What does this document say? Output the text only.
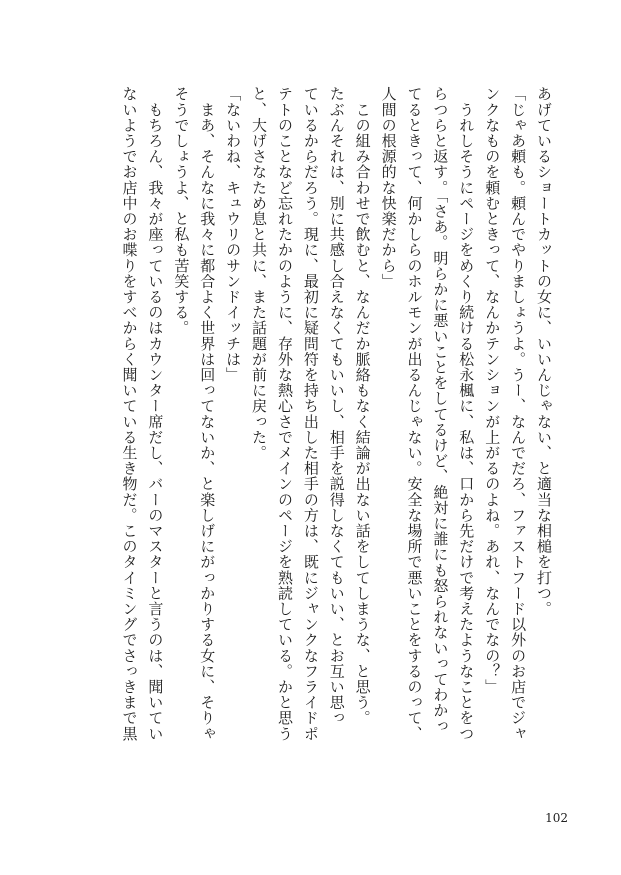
あげているショートカットの女に、いいんじゃない、と適当な相槌を打つ。
「じゃあ頼も。頼んでやりましょうよ。うー、なんでだろ、ファストフード以外のお店でジャ
ンクなものを頼むときって、なんかテンションが上がるのよね。あれ、なんでなの？」
　うれしそうにページをめくり続ける松永楓に、私は、口から先だけで考えたようなことをつ
らつらと返す。「さあ。明らかに悪いことをしてるけど、絶対に誰にも怒られないってわかっ
てるときって、何かしらのホルモンが出るんじゃない。安全な場所で悪いことをするのって、
人間の根源的な快楽だから」
　この組み合わせで飲むと、なんだか脈絡もなく結論が出ない話をしてしまうな、と思う。
たぶんそれは、別に共感し合えなくてもいいし、相手を説得しなくてもいい、とお互い思っ
ているからだろう。現に、最初に疑問符を持ち出した相手の方は、既にジャンクなフライドポ
テトのことなど忘れたかのように、存外な熱心さでメインのページを熟読している。かと思う
と、大げさなため息と共に、また話題が前に戻った。
「ないわね、キュウリのサンドイッチは」
　まあ、そんなに我々に都合よく世界は回ってないか、と楽しげにがっかりする女に、そりゃ
そうでしょうよ、と私も苦笑する。
　もちろん、我々が座っているのはカウンター席だし、バーのマスターと言うのは、聞いてい
ないようでお店中のお喋りをすべからく聞いている生き物だ。このタイミングでさっきまで黒
102
